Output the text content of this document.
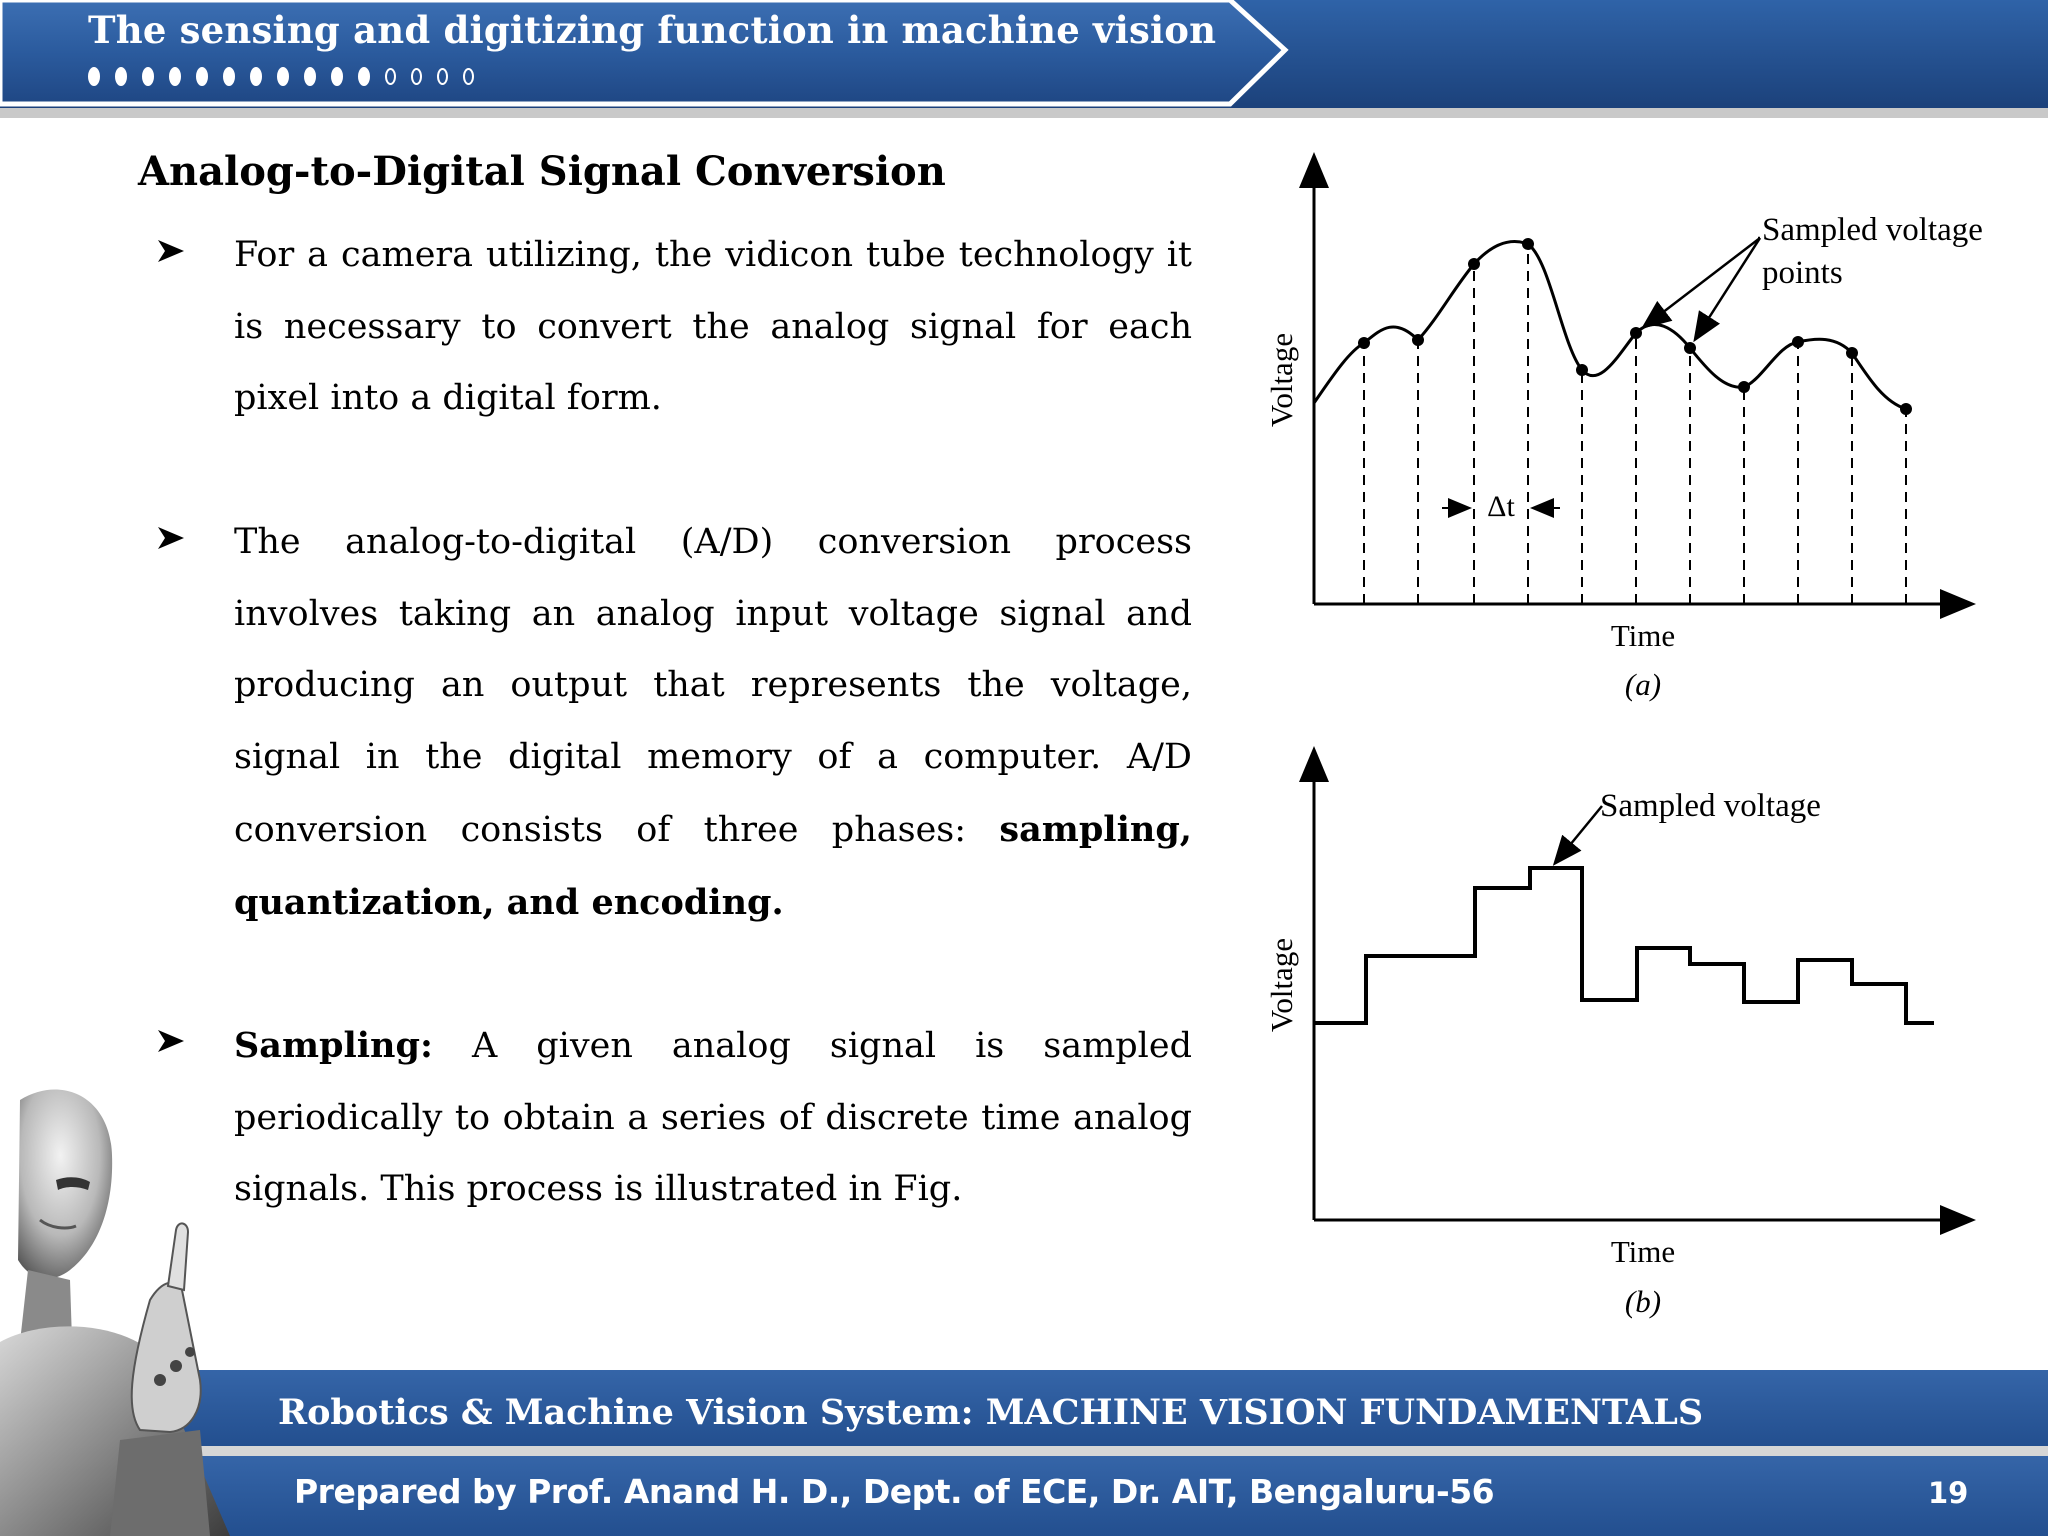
The sensing and digitizing function in machine vision
Analog-to-Digital Signal Conversion
For a camera utilizing, the vidicon tube technology it is necessary to convert the analog signal for each pixel into a digital form.
The analog-to-digital (A/D) conversion process involves taking an analog input voltage signal and producing an output that represents the voltage, signal in the digital memory of a computer. A/D conversion consists of three phases: sampling, quantization, and encoding.
Sampling: A given analog signal is sampled periodically to obtain a series of discrete time analog signals. This process is illustrated in Fig.
Δt
Sampled voltage points
Voltage
Time
(a)
Sampled voltage
Voltage
Time
(b)
Robotics & Machine Vision System: MACHINE VISION FUNDAMENTALS
Prepared by Prof. Anand H. D., Dept. of ECE, Dr. AIT, Bengaluru-56	19
